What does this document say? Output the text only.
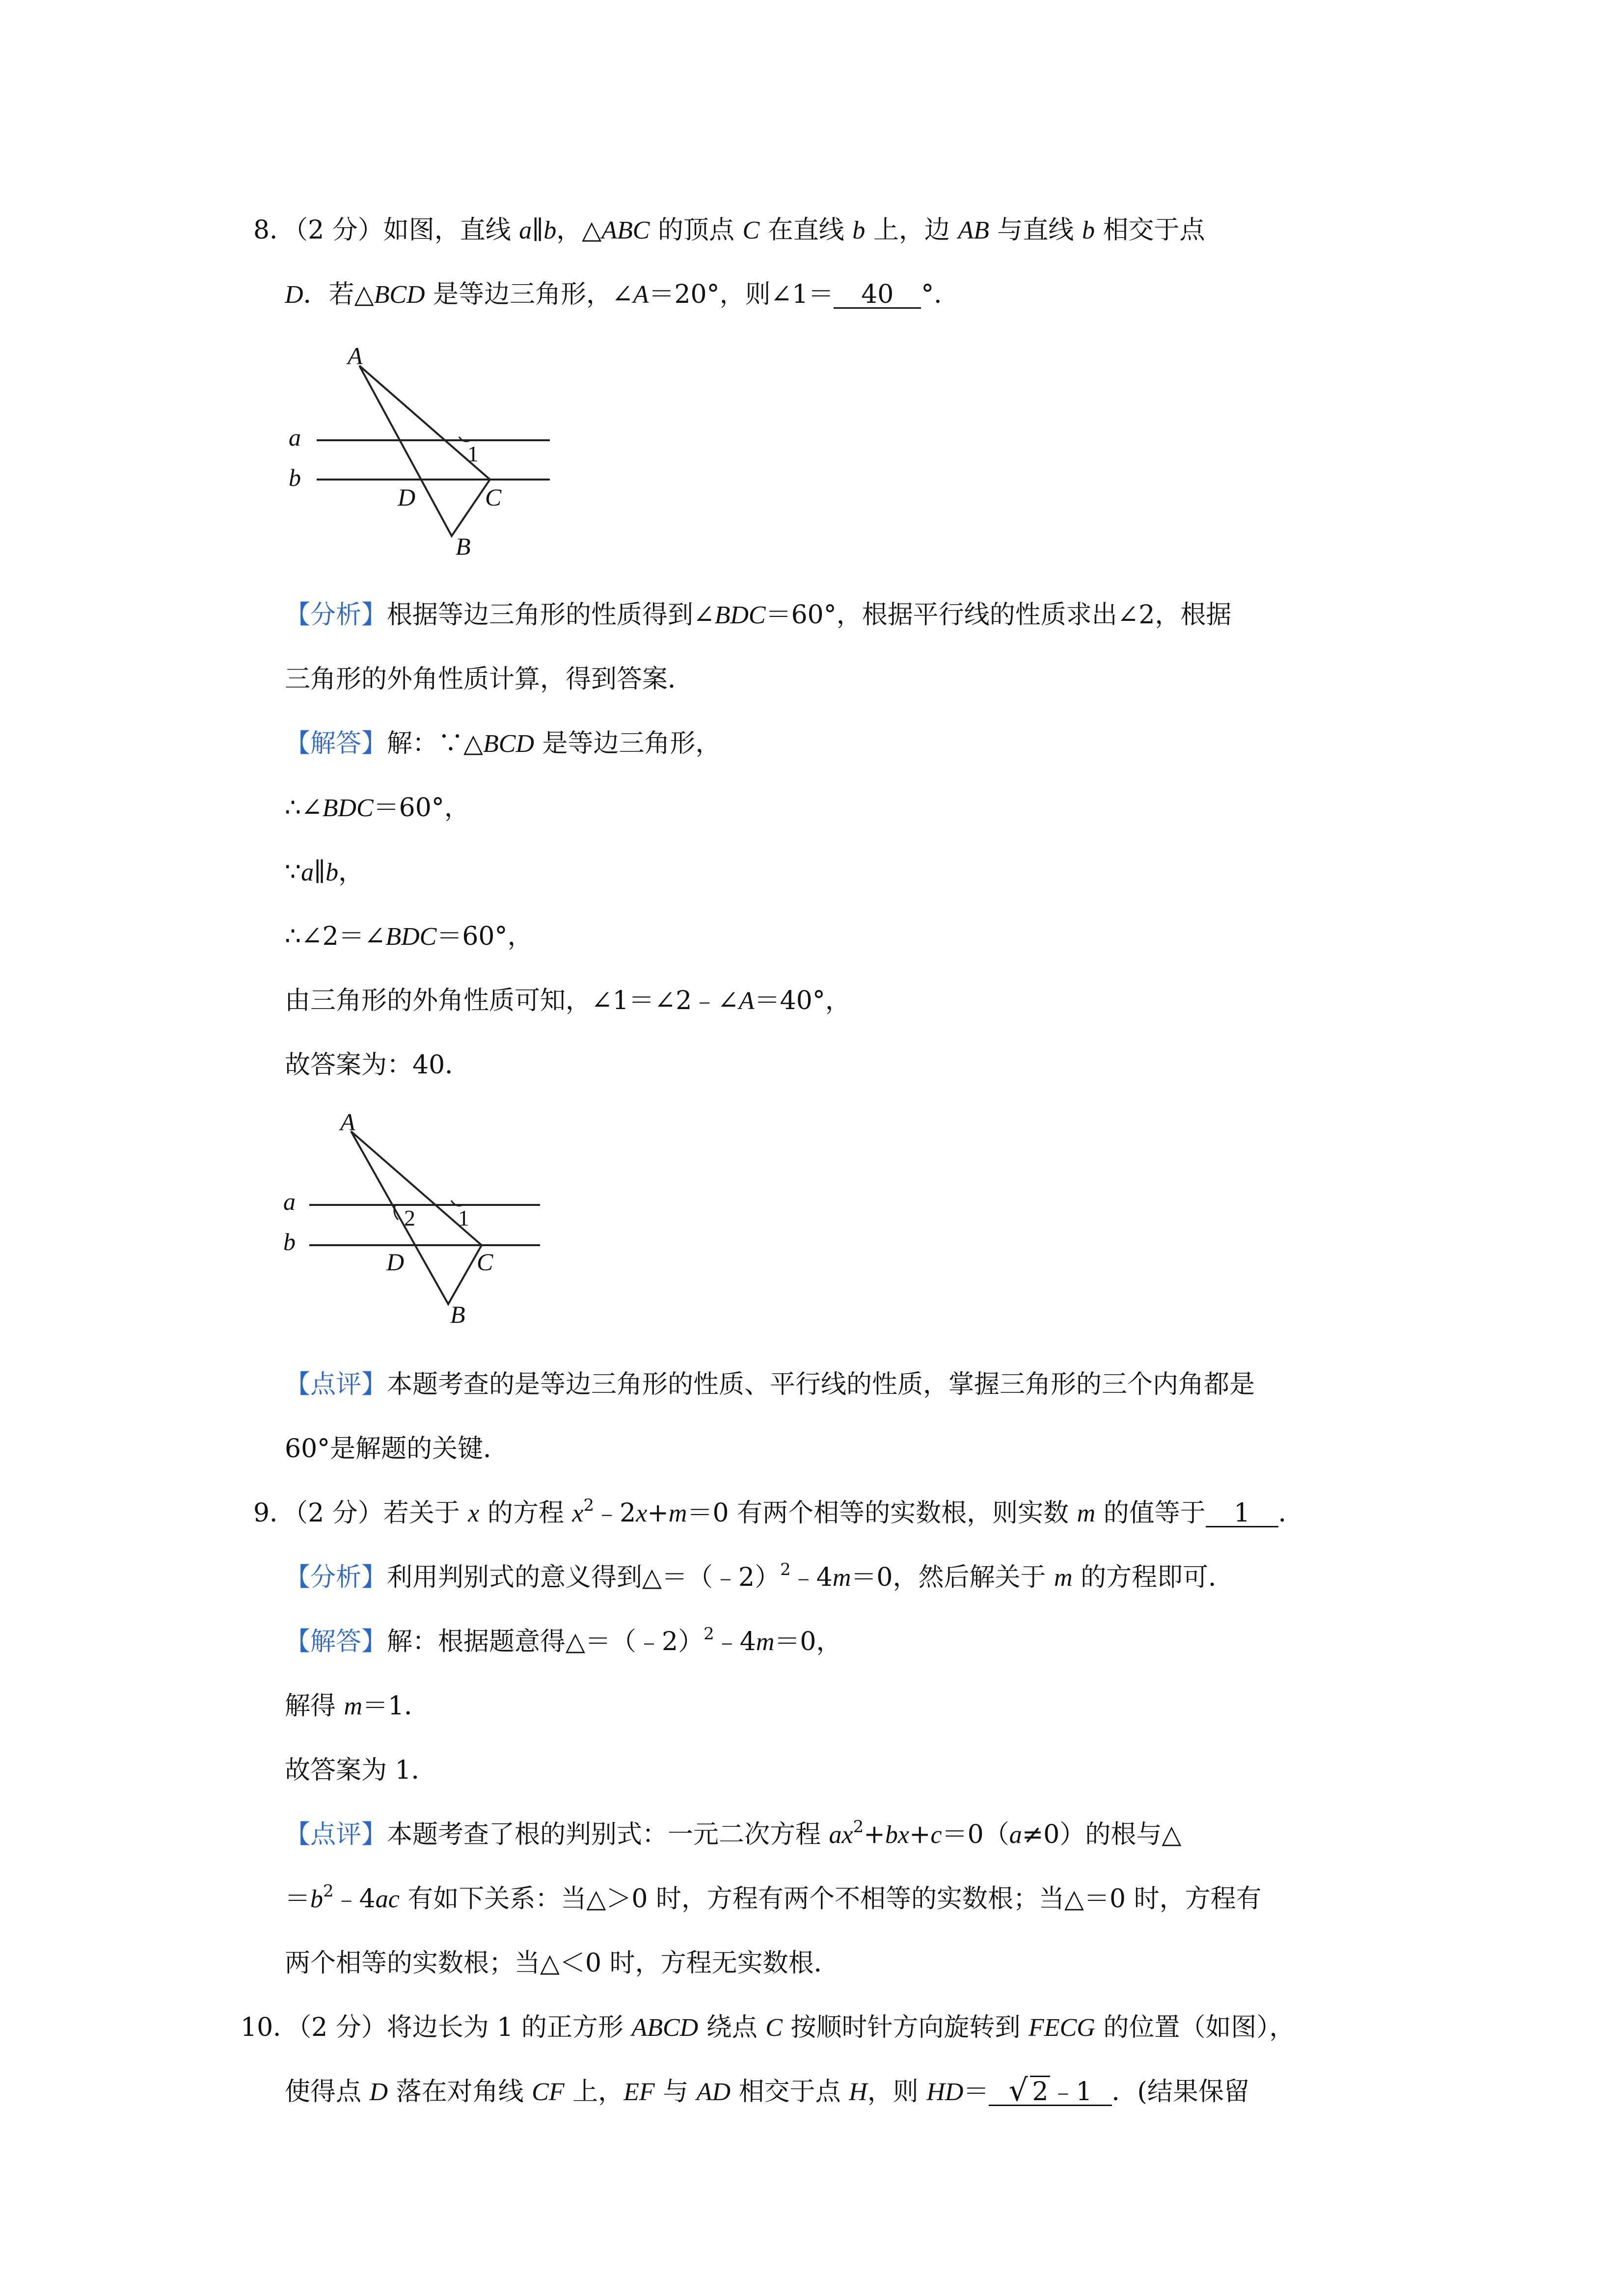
8．（2 分）如图，直线 a∥b，△ABC 的顶点 C 在直线 b 上，边 AB 与直线 b 相交于点
D．若△BCD 是等边三角形，∠A＝20°，则∠1＝ 40 °．
A
a
b
D	C
B
1
【分析】根据等边三角形的性质得到∠BDC＝60°，根据平行线的性质求出∠2，根据
三角形的外角性质计算，得到答案．
【解答】解：∵△BCD 是等边三角形，
∴∠BDC＝60°，
∵a∥b，
∴∠2＝∠BDC＝60°，
由三角形的外角性质可知，∠1＝∠2﹣∠A＝40°，
故答案为：40．
A
a
b
D	C
B
1
2
【点评】本题考查的是等边三角形的性质、平行线的性质，掌握三角形的三个内角都是
60°是解题的关键．
9．（2 分）若关于 x 的方程 $x^2﹣2x+m=0$ 有两个相等的实数根，则实数 m 的值等于 1 ．
【分析】利用判别式的意义得到△＝（﹣2）$^2$﹣4m＝0，然后解关于 m 的方程即可．
【解答】解：根据题意得△＝（﹣2）$^2$﹣4m＝0，
解得 m＝1．
故答案为 1．
【点评】本题考查了根的判别式：一元二次方程 $ax^2+bx+c=0(a\ne 0)$的根与△
$=b^2﹣4ac$ 有如下关系：当△＞0 时，方程有两个不相等的实数根；当△＝0 时，方程有
两个相等的实数根；当△＜0 时，方程无实数根．
10．（2 分）将边长为 1 的正方形 ABCD 绕点 C 按顺时针方向旋转到 FECG 的位置（如图），
使得点 D 落在对角线 CF 上，EF 与 AD 相交于点 H，则 HD＝ √ 2﹣1 ．(结果保留
